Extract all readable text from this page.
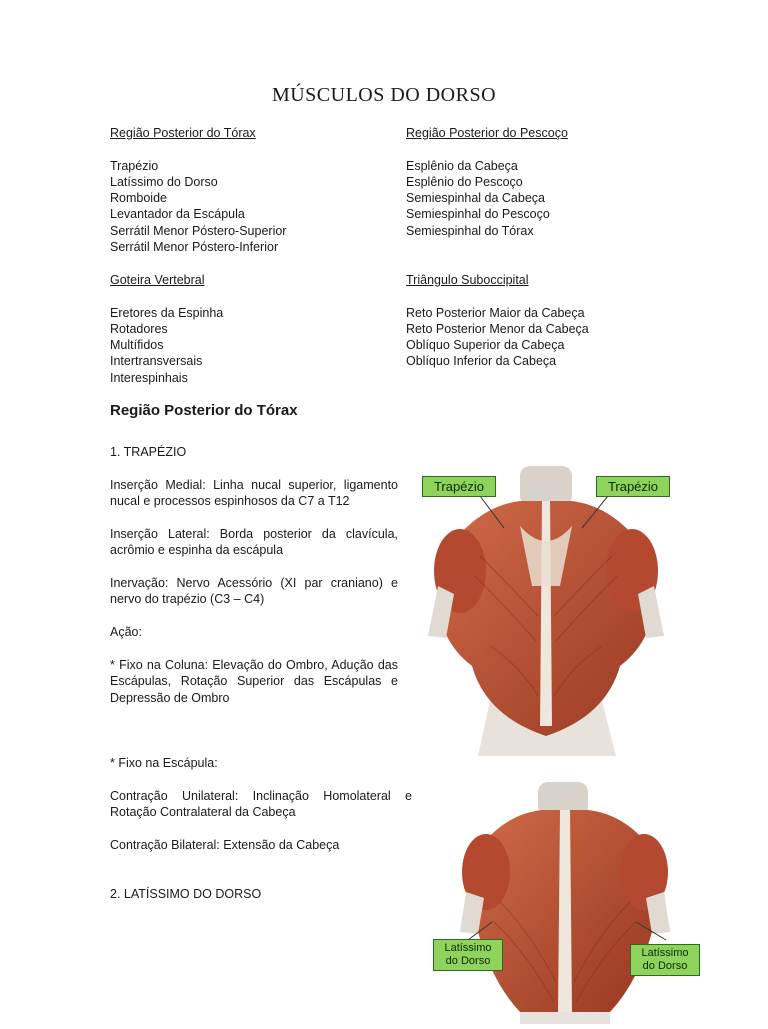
MÚSCULOS DO DORSO
Região Posterior do Tórax
Trapézio
Latíssimo do Dorso
Romboide
Levantador da Escápula
Serrátil Menor Póstero-Superior
Serrátil Menor Póstero-Inferior
Região Posterior do Pescoço
Esplênio da Cabeça
Esplênio do Pescoço
Semiespinhal da Cabeça
Semiespinhal do Pescoço
Semiespinhal do Tórax
Goteira Vertebral
Eretores da Espinha
Rotadores
Multífidos
Intertransversais
Interespinhais
Triângulo Suboccipital
Reto Posterior Maior da Cabeça
Reto Posterior Menor da Cabeça
Oblíquo Superior da Cabeça
Oblíquo Inferior da Cabeça
Região Posterior do Tórax
1. TRAPÉZIO
Inserção Medial: Linha nucal superior, ligamento nucal e processos espinhosos da C7 a T12
Inserção Lateral: Borda posterior da clavícula, acrômio e espinha da escápula
Inervação: Nervo Acessório (XI par craniano) e nervo do trapézio (C3 – C4)
Ação:
* Fixo na Coluna: Elevação do Ombro, Adução das Escápulas, Rotação Superior das Escápulas e Depressão de Ombro
* Fixo na Escápula:
Contração Unilateral: Inclinação Homolateral e Rotação Contralateral da Cabeça
Contração Bilateral: Extensão da Cabeça
2. LATÍSSIMO DO DORSO
Trapézio	Trapézio
Latíssimo
do Dorso
Latíssimo
do Dorso
